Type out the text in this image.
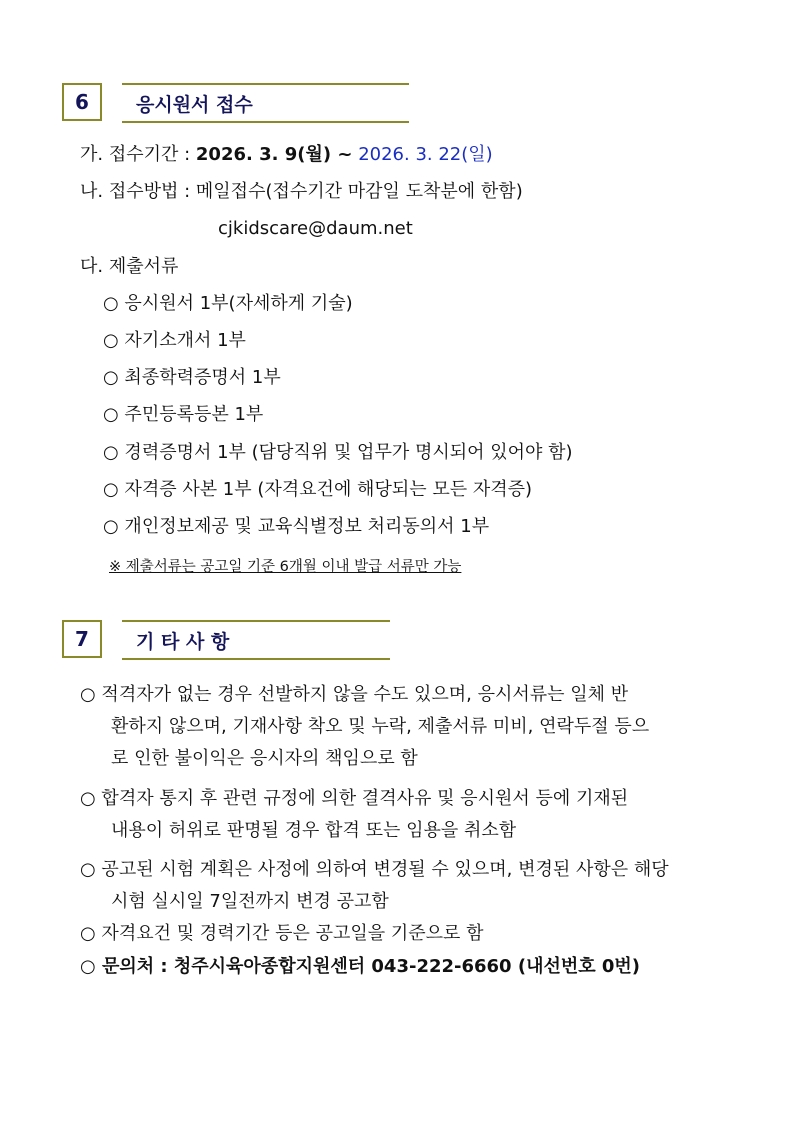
6	응시원서 접수
가. 접수기간 : 2026. 3. 9(월) ~ 2026. 3. 22(일)
나. 접수방법 : 메일접수(접수기간 마감일 도착분에 한함)
cjkidscare@daum.net
다. 제출서류
○ 응시원서 1부(자세하게 기술)
○ 자기소개서 1부
○ 최종학력증명서 1부
○ 주민등록등본 1부
○ 경력증명서 1부 (담당직위 및 업무가 명시되어 있어야 함)
○ 자격증 사본 1부 (자격요건에 해당되는 모든 자격증)
○ 개인정보제공 및 교육식별정보 처리동의서 1부
※ 제출서류는 공고일 기준 6개월 이내 발급 서류만 가능
7	기 타 사 항
○ 적격자가 없는 경우 선발하지 않을 수도 있으며, 응시서류는 일체 반
환하지 않으며, 기재사항 착오 및 누락, 제출서류 미비, 연락두절 등으
로 인한 불이익은 응시자의 책임으로 함
○ 합격자 통지 후 관련 규정에 의한 결격사유 및 응시원서 등에 기재된
내용이 허위로 판명될 경우 합격 또는 임용을 취소함
○ 공고된 시험 계획은 사정에 의하여 변경될 수 있으며, 변경된 사항은 해당
시험 실시일 7일전까지 변경 공고함
○ 자격요건 및 경력기간 등은 공고일을 기준으로 함
○ 문의처 : 청주시육아종합지원센터 043-222-6660 (내선번호 0번)
